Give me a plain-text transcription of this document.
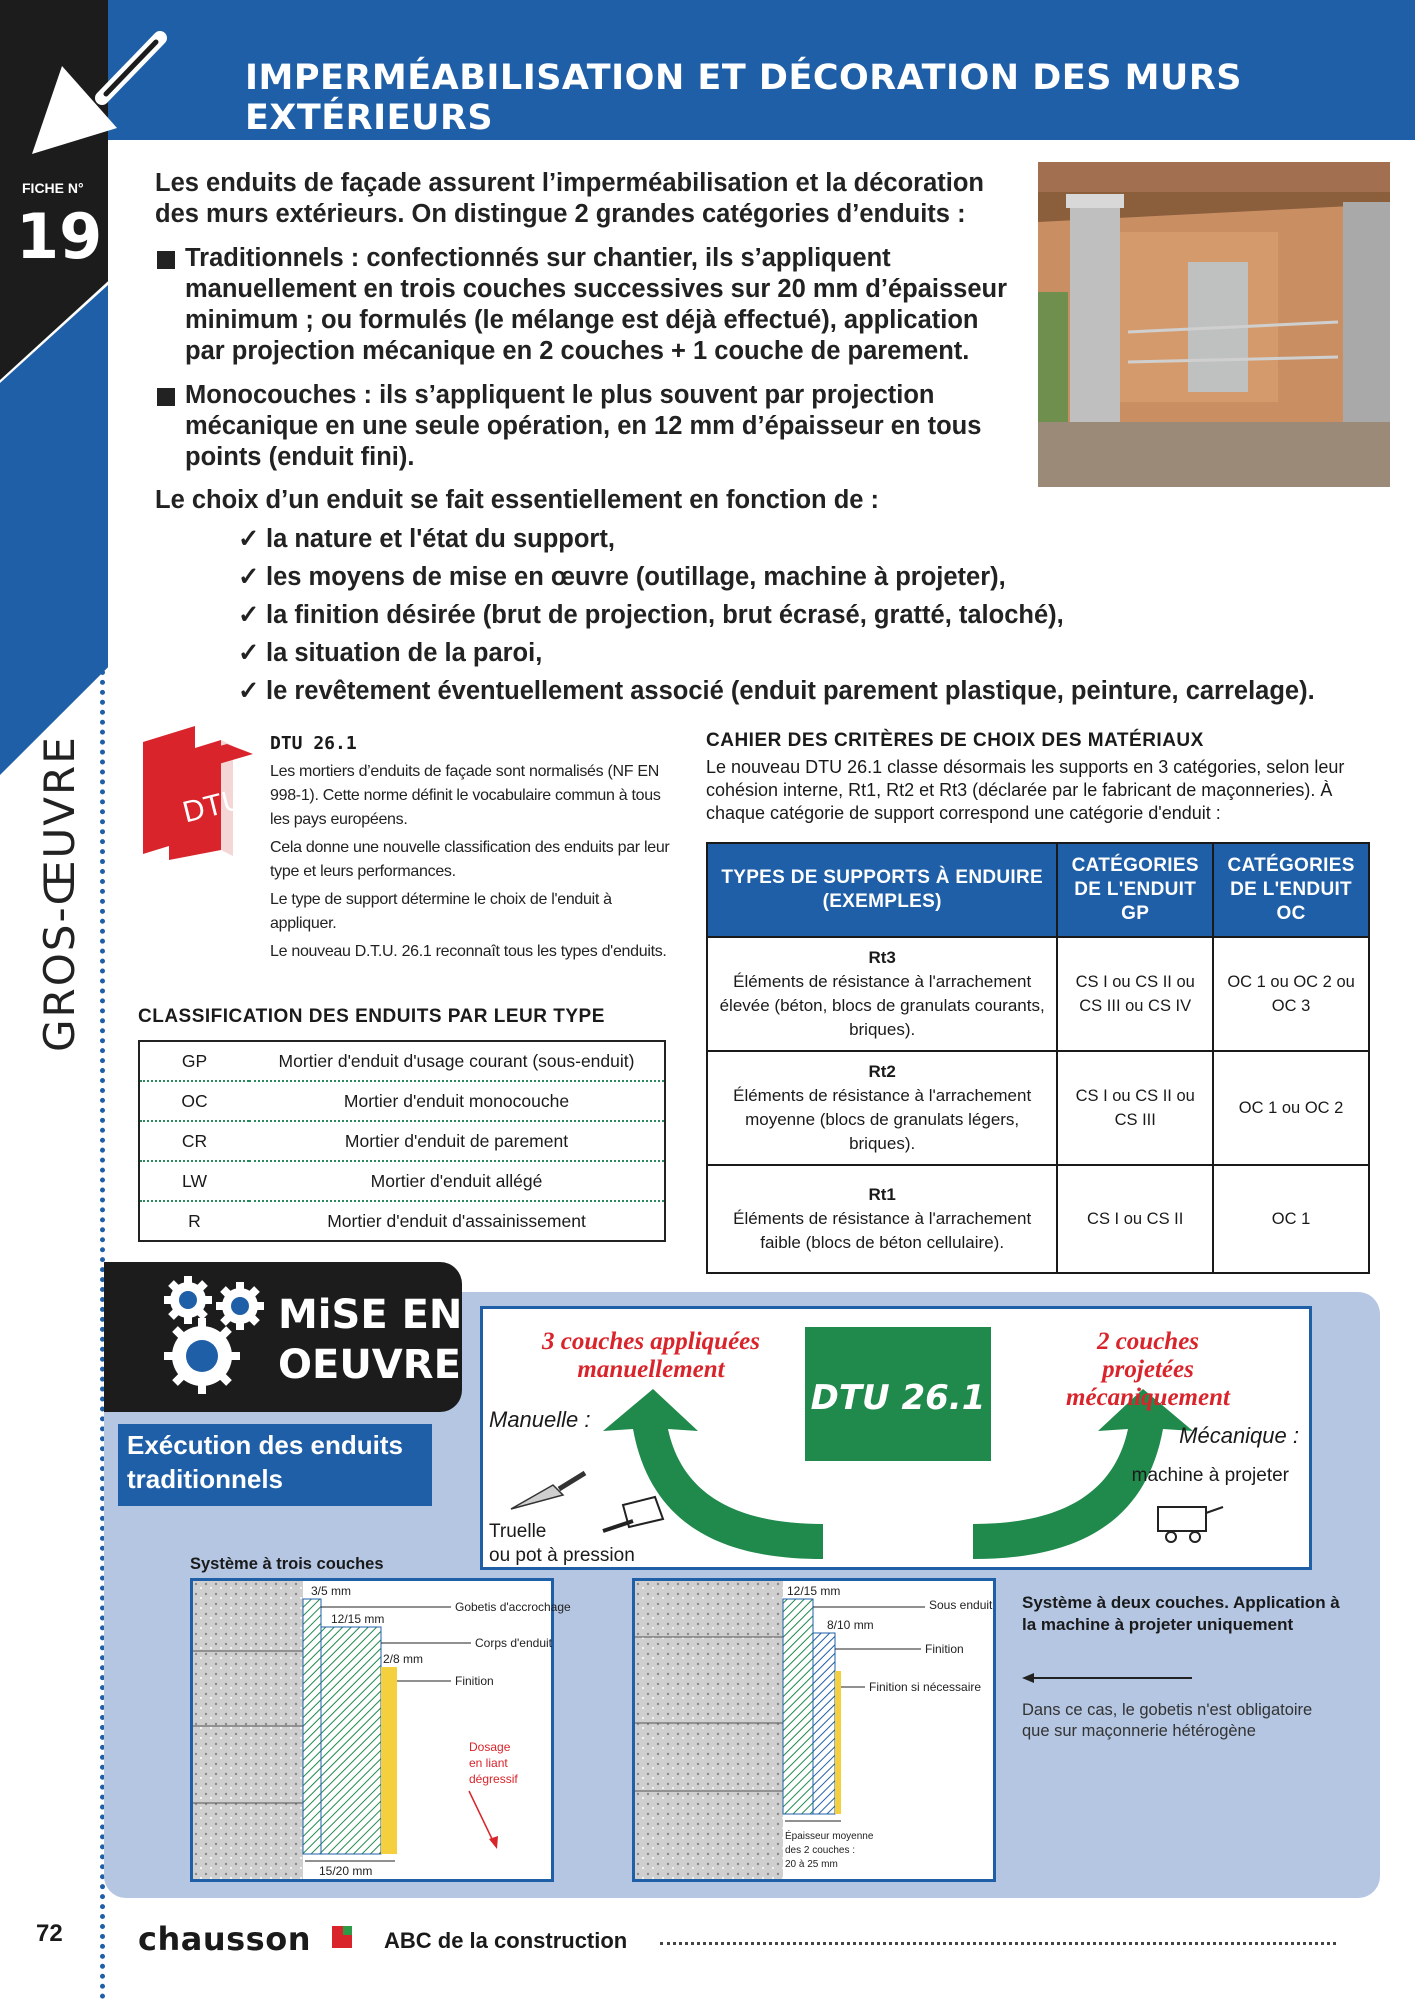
IMPERMÉABILISATION ET DÉCORATION DES MURS EXTÉRIEURS
FICHE N°
19
GROS-ŒUVRE
Les enduits de façade assurent l’imperméabilisation et la décoration des murs extérieurs. On distingue 2 grandes catégories d’enduits :
Traditionnels : confectionnés sur chantier, ils s’appliquent manuellement en trois couches successives sur 20 mm d’épaisseur minimum ; ou formulés (le mélange est déjà effectué), application par projection mécanique en 2 couches + 1 couche de parement.
Monocouches : ils s’appliquent le plus souvent par projection mécanique en une seule opération, en 12 mm d’épaisseur en tous points (enduit fini).
Le choix d’un enduit se fait essentiellement en fonction de :
✓ la nature et l'état du support,
✓ les moyens de mise en œuvre (outillage, machine à projeter),
✓ la finition désirée (brut de projection, brut écrasé, gratté, taloché),
✓ la situation de la paroi,
✓ le revêtement éventuellement associé (enduit parement plastique, peinture, carrelage).
DTU
DTU 26.1

Les mortiers d’enduits de façade sont normalisés (NF EN 998-1). Cette norme définit le vocabulaire commun à tous les pays européens.

Cela donne une nouvelle classification des enduits par leur type et leurs performances.

Le type de support détermine le choix de l'enduit à appliquer.

Le nouveau D.T.U. 26.1 reconnaît tous les types d'enduits.

CLASSIFICATION DES ENDUITS PAR LEUR TYPE
GP	Mortier d'enduit d'usage courant (sous-enduit)
OC	Mortier d'enduit monocouche
CR	Mortier d'enduit de parement
LW	Mortier d'enduit allégé
R	Mortier d'enduit d'assainissement
CAHIER DES CRITÈRES DE CHOIX DES MATÉRIAUX
Le nouveau DTU 26.1 classe désormais les supports en 3 catégories, selon leur cohésion interne, Rt1, Rt2 et Rt3 (déclarée par le fabricant de maçonneries). À chaque catégorie de support correspond une catégorie d'enduit :
TYPES DE SUPPORTS À ENDUIRE (EXEMPLES)	CATÉGORIES DE L'ENDUIT GP	CATÉGORIES DE L'ENDUIT OC

Rt3
Éléments de résistance à l'arrachement élevée (béton, blocs de granulats courants, briques).	CS I ou CS II ou CS III ou CS IV	OC 1 ou OC 2 ou OC 3

Rt2
Éléments de résistance à l'arrachement moyenne (blocs de granulats légers, briques).	CS I ou CS II ou CS III	OC 1 ou OC 2

Rt1
Éléments de résistance à l'arrachement faible (blocs de béton cellulaire).	CS I ou CS II	OC 1
MiSE EN
OEUVRE
Exécution des enduits
traditionnels
DTU 26.1
3 couches appliquées
manuellement
2 couches
projetées
mécaniquement
Manuelle :
Truelle
ou pot à pression
Mécanique :
machine à projeter
Système à trois couches
3/5 mm
12/15 mm
2/8 mm
15/20 mm
Gobetis d'accrochage
Corps d'enduit
Finition
Dosage
en liant
dégressif
12/15 mm
8/10 mm
Sous enduit
Finition
Finition si nécessaire
Épaisseur moyenne
des 2 couches :
20 à 25 mm
Système à deux couches. Application à la machine à projeter uniquement
Dans ce cas, le gobetis n'est obligatoire que sur maçonnerie hétérogène
72 chausson	ABC de la construction
